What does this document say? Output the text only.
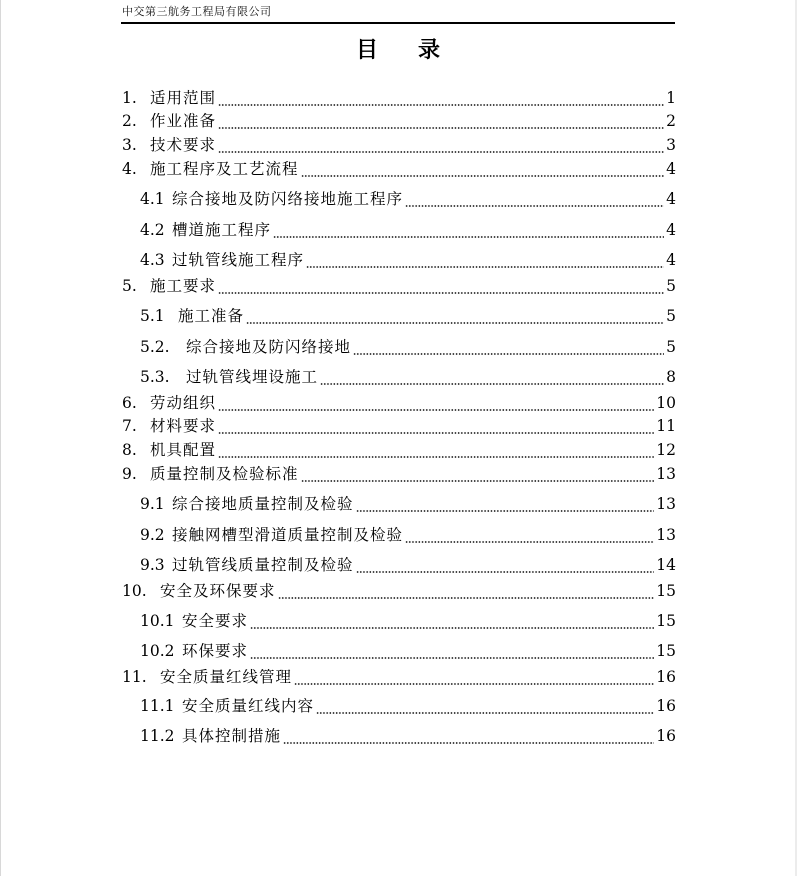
中交第三航务工程局有限公司
目录
1. 适用范围	1
2. 作业准备	2
3. 技术要求	3
4. 施工程序及工艺流程	4
4.1 综合接地及防闪络接地施工程序	4
4.2 槽道施工程序	4
4.3 过轨管线施工程序	4
5. 施工要求	5
5.1 施工准备	5
5.2.	综合接地及防闪络接地	5
5.3.	过轨管线埋设施工	8
6. 劳动组织	10
7. 材料要求	11
8. 机具配置	12
9. 质量控制及检验标准	13
9.1 综合接地质量控制及检验	13
9.2 接触网槽型滑道质量控制及检验	13
9.3 过轨管线质量控制及检验	14
10. 安全及环保要求	15
10.1 安全要求	15
10.2 环保要求	15
11. 安全质量红线管理	16
11.1 安全质量红线内容	16
11.2 具体控制措施	16
